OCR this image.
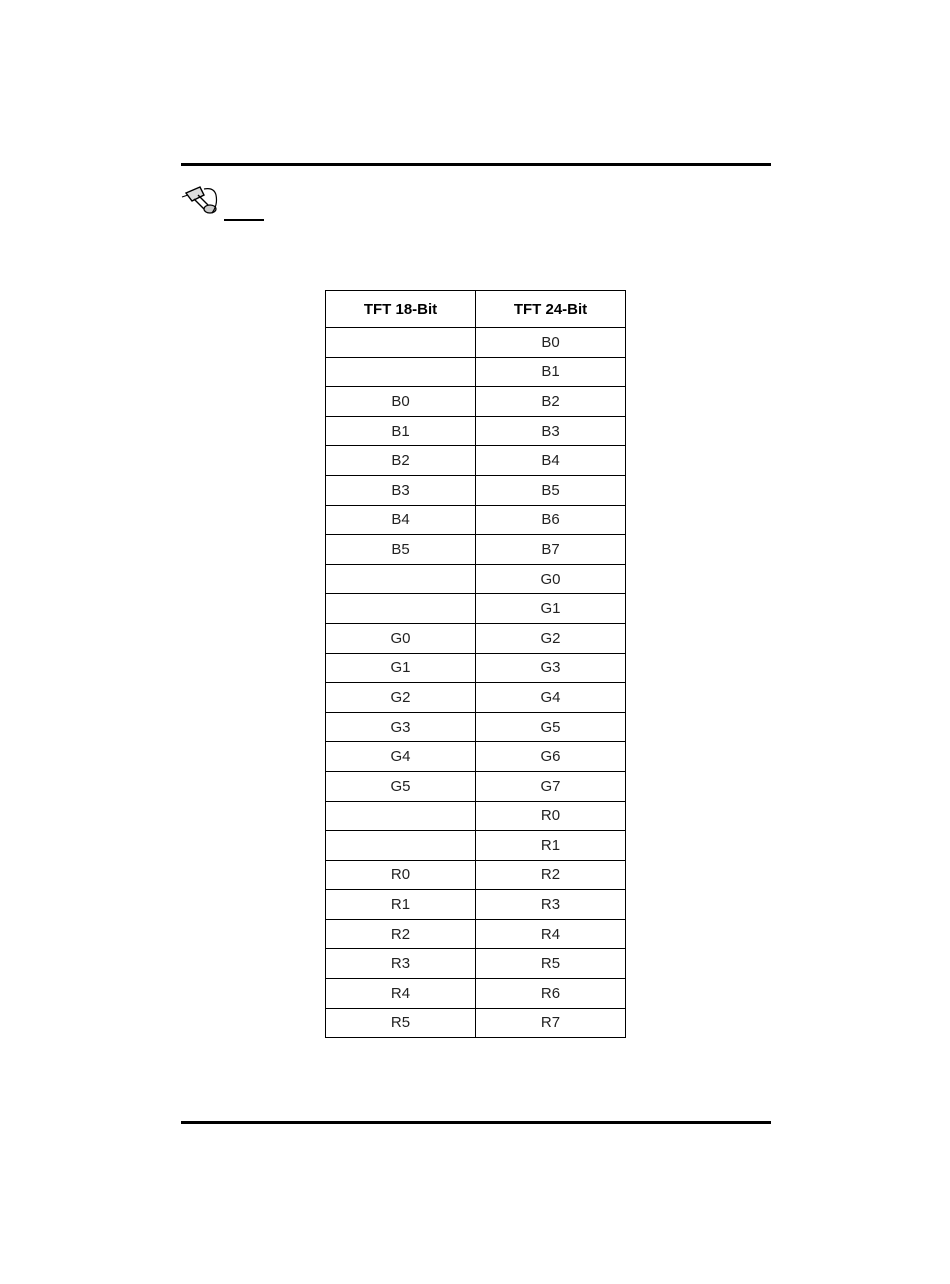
TFT 18-Bit	TFT 24-Bit
	B0
	B1
B0	B2
B1	B3
B2	B4
B3	B5
B4	B6
B5	B7
	G0
	G1
G0	G2
G1	G3
G2	G4
G3	G5
G4	G6
G5	G7
	R0
	R1
R0	R2
R1	R3
R2	R4
R3	R5
R4	R6
R5	R7
